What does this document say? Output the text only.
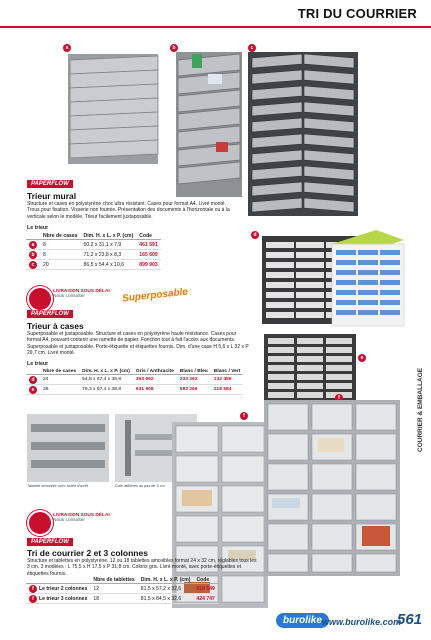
TRI DU COURRIER
COURRIER & EMBALLAGE
a	b	c
PAPERFLOW
Trieur mural
Structure et cases en polystyrène choc ultra résistant. Cases pour format A4. Livré monté. Trous pour fixation. Visserie non fournie. Présentation des documents à l'horizontale ou à la verticale selon le modèle. Trieur facilement juxtaposable.
Le trieur
	Nbre de cases	Dim. H. x L. x P. (cm)	Code
a	8	50,2 x 31,1 x 7,9	461 591
b	8	71,2 x 23,8 x 8,3	165 609
c	20	86,5 x 54,4 x 10,6	899 903
d
e
LIVRAISON SOUS DÉLAI
Nous consulter	Superposable
PAPERFLOW
Trieur à cases
Superposable et juxtaposable. Structure et cases en polystyrène haute résistance. Cases pour format A4, pouvant contenir une ramette de papier. Fonction tout à fait l'accès aux documents. Superposable et juxtaposable. Porte-étiquette et étiquettes fournis. Dim. d'une case H 5,6 x L 32 x P 29,7 cm. Livré monté.
Le trieur
	Nbre de cases	Dim. H. x L. x P. (cm)	Gris / Anthracite	Blanc / Bleu	Blanc / Vert
d	24	54,8 x 67,4 x 38,8	353 992	233 262	132 456
e	36	79,3 x 67,4 x 38,8	631 908	593 266	218 584
Tablette amovible avec butée d'arrêt	Cale-adhères au pas de 5 cm
f
f
LIVRAISON SOUS DÉLAI
Nous consulter
PAPERFLOW
Tri de courrier 2 et 3 colonnes
Structure et tablettes en polystyrène. 12 ou 18 tablettes amovibles format 24 x 32 cm, réglables tous les 3 cm. 3 modèles : L 75,5 x H 17,5 x P 31,8 cm. Coloris gris. Livré monté, avec porte-étiquettes et étiquettes fournis.
	Nbre de tablettes	Dim. H. x L. x P. (cm)	Code
f Le trieur 2 colonnes	12	81,5 x 57,2 x 32,6	618 549
f Le trieur 3 colonnes	18	81,5 x 84,5 x 32,6	424 747
burolike www.burolike.com
561
